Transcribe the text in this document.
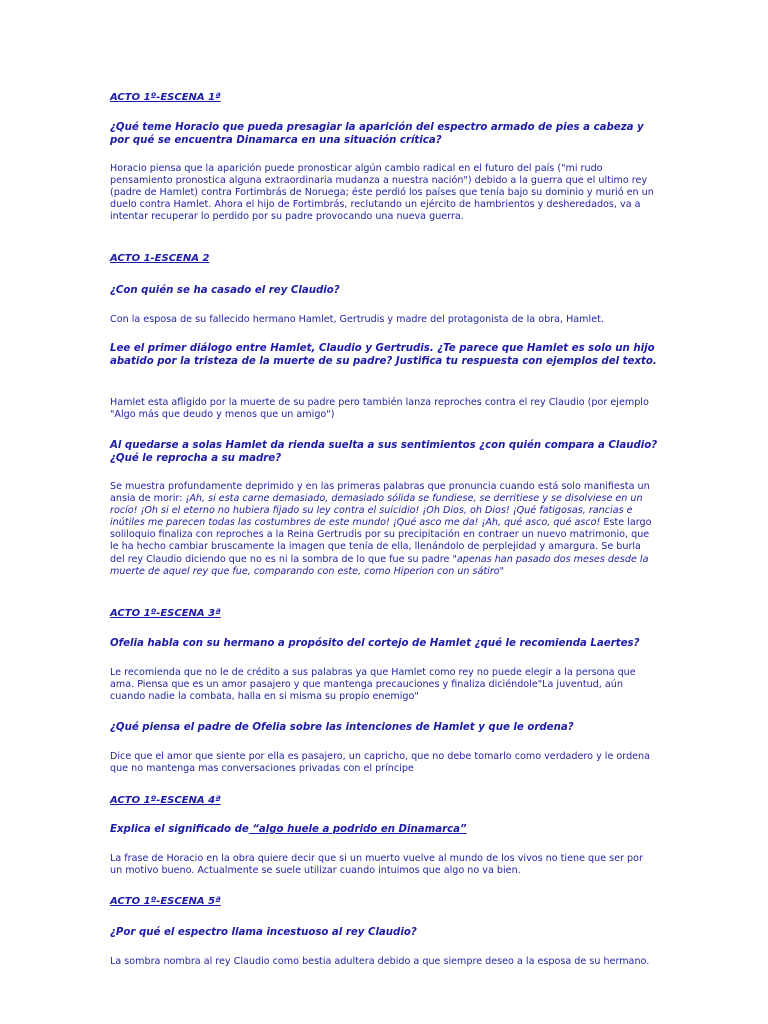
ACTO 1º-ESCENA 1ª
¿Qué teme Horacio que pueda presagiar la aparición del espectro armado de pies a cabeza y por qué se encuentra Dinamarca en una situación crítica?
Horacio piensa que la aparición puede pronosticar algún cambio radical en el futuro del país ("mi rudo pensamiento pronostica alguna extraordinaria mudanza a nuestra nación") debido a la guerra que el ultimo rey (padre de Hamlet) contra Fortimbrás de Noruega; éste perdió los países que tenía bajo su dominio y murió en un duelo contra Hamlet. Ahora el hijo de Fortimbrás, reclutando un ejército de hambrientos y desheredados, va a intentar recuperar lo perdido por su padre provocando una nueva guerra.
ACTO 1-ESCENA 2
¿Con quién se ha casado el rey Claudio?
Con la esposa de su fallecido hermano Hamlet, Gertrudis y madre del protagonista de la obra, Hamlet.
Lee el primer diálogo entre Hamlet, Claudio y Gertrudis. ¿Te parece que Hamlet es solo un hijo abatido por la tristeza de la muerte de su padre? Justifica tu respuesta con ejemplos del texto.
Hamlet esta afligido por la muerte de su padre pero también lanza reproches contra el rey Claudio (por ejemplo "Algo más que deudo y menos que un amigo")
Al quedarse a solas Hamlet da rienda suelta a sus sentimientos ¿con quién compara a Claudio? ¿Qué le reprocha a su madre?
Se muestra profundamente deprimido y en las primeras palabras que pronuncia cuando está solo manifiesta un ansia de morir: ¡Ah, si esta carne demasiado, demasiado sólida se fundiese, se derritiese y se disolviese en un rocío! ¡Oh si el eterno no hubiera fijado su ley contra el suicidio! ¡Oh Dios, oh Dios! ¡Qué fatigosas, rancias e inútiles me parecen todas las costumbres de este mundo! ¡Qué asco me da! ¡Ah, qué asco, qué asco! Este largo soliloquio finaliza con reproches a la Reina Gertrudis por su precipitación en contraer un nuevo matrimonio, que le ha hecho cambiar bruscamente la imagen que tenía de ella, llenándolo de perplejidad y amargura. Se burla del rey Claudio diciendo que no es ni la sombra de lo que fue su padre "apenas han pasado dos meses desde la muerte de aquel rey que fue, comparando con este, como Hiperion con un sátiro"
ACTO 1º-ESCENA 3ª
Ofelia habla con su hermano a propósito del cortejo de Hamlet ¿qué le recomienda Laertes?
Le recomienda que no le de crédito a sus palabras ya que Hamlet como rey no puede elegir a la persona que ama. Piensa que es un amor pasajero y que mantenga precauciones y finaliza diciéndole"La juventud, aún cuando nadie la combata, halla en si misma su propio enemigo"
¿Qué piensa el padre de Ofelia sobre las intenciones de Hamlet y que le ordena?
Dice que el amor que siente por ella es pasajero, un capricho, que no debe tomarlo como verdadero y le ordena que no mantenga mas conversaciones privadas con el príncipe
ACTO 1º-ESCENA 4ª
Explica el significado de “algo huele a podrido en Dinamarca”
La frase de Horacio en la obra quiere decir que si un muerto vuelve al mundo de los vivos no tiene que ser por un motivo bueno. Actualmente se suele utilizar cuando intuimos que algo no va bien.
ACTO 1º-ESCENA 5ª
¿Por qué el espectro llama incestuoso al rey Claudio?
La sombra nombra al rey Claudio como bestia adultera debido a que siempre deseo a la esposa de su hermano.
